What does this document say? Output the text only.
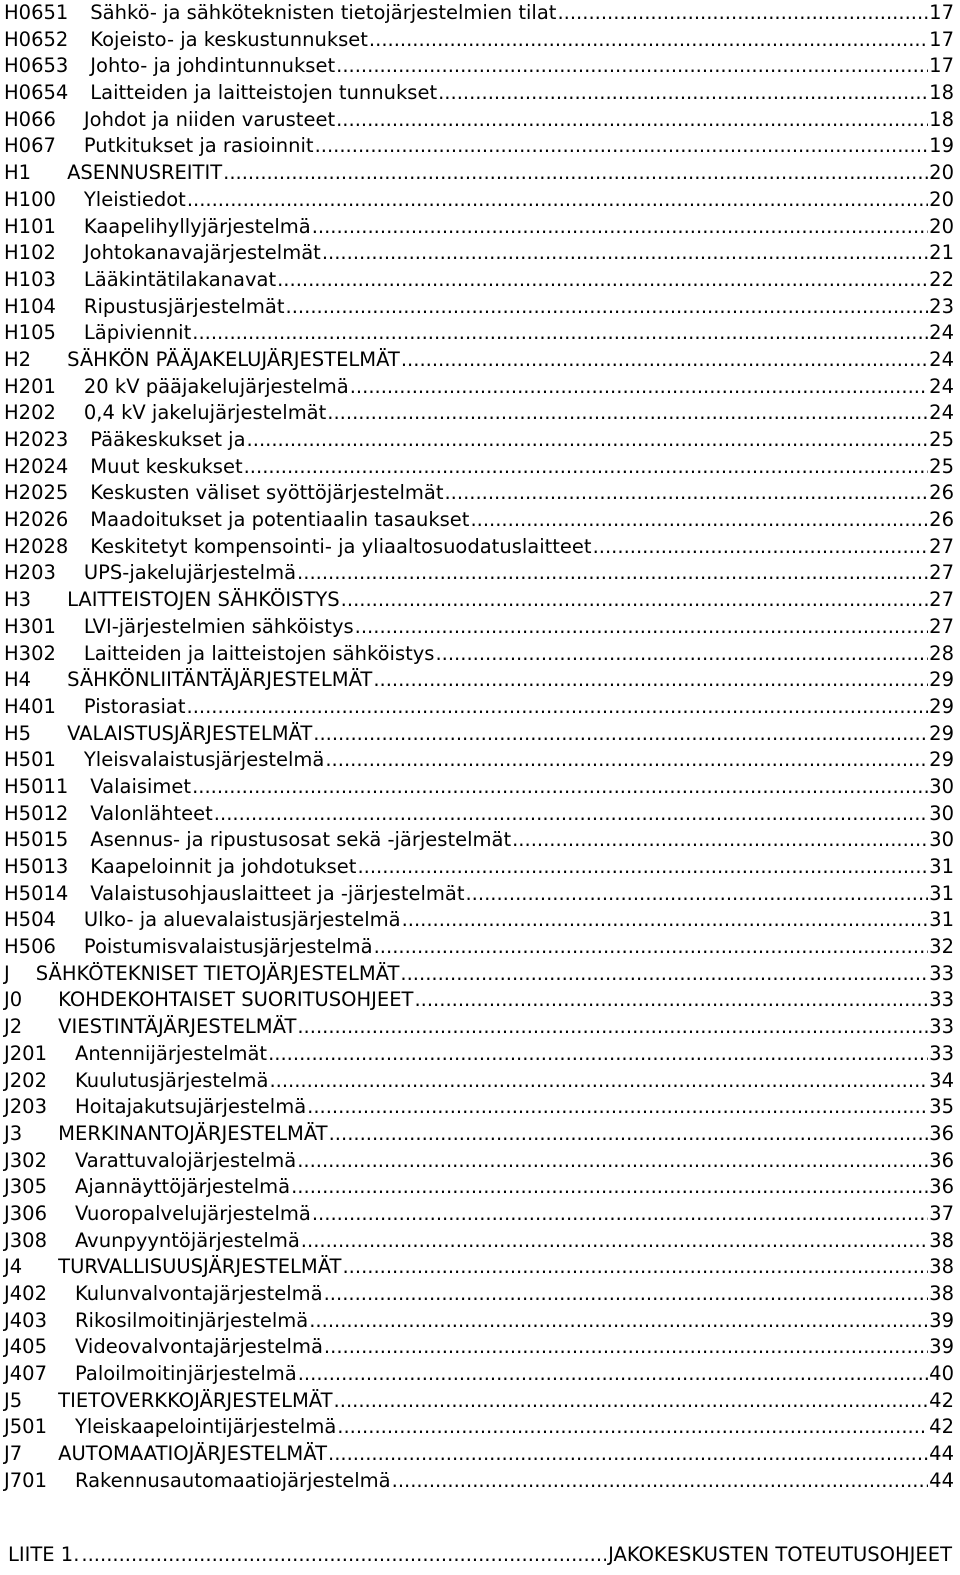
H0651 Sähkö- ja sähköteknisten tietojärjestelmien tilat .....	17
H0652 Kojeisto- ja keskustunnukset .....	17
H0653 Johto- ja johdintunnukset .....	17
H0654 Laitteiden ja laitteistojen tunnukset .....	18
H066 Johdot ja niiden varusteet .....	18
H067 Putkitukset ja rasioinnit .....	19
H1 ASENNUSREITIT .....	20
H100 Yleistiedot .....	20
H101 Kaapelihyllyjärjestelmä .....	20
H102 Johtokanavajärjestelmät .....	21
H103 Lääkintätilakanavat .....	22
H104 Ripustusjärjestelmät .....	23
H105 Läpiviennit .....	24
H2 SÄHKÖN PÄÄJAKELUJÄRJESTELMÄT .....	24
H201 20 kV pääjakelujärjestelmä .....	24
H202 0,4 kV jakelujärjestelmät .....	24
H2023 Pääkeskukset ja .....	25
H2024 Muut keskukset .....	25
H2025 Keskusten väliset syöttöjärjestelmät .....	26
H2026 Maadoitukset ja potentiaalin tasaukset .....	26
H2028 Keskitetyt kompensointi- ja yliaaltosuodatuslaitteet .....	27
H203 UPS-jakelujärjestelmä .....	27
H3 LAITTEISTOJEN SÄHKÖISTYS .....	27
H301 LVI-järjestelmien sähköistys .....	27
H302 Laitteiden ja laitteistojen sähköistys .....	28
H4 SÄHKÖNLIITÄNTÄJÄRJESTELMÄT .....	29
H401 Pistorasiat .....	29
H5 VALAISTUSJÄRJESTELMÄT .....	29
H501 Yleisvalaistusjärjestelmä .....	29
H5011 Valaisimet .....	30
H5012 Valonlähteet .....	30
H5015 Asennus- ja ripustusosat sekä -järjestelmät .....	30
H5013 Kaapeloinnit ja johdotukset .....	31
H5014 Valaistusohjauslaitteet ja -järjestelmät .....	31
H504 Ulko- ja aluevalaistusjärjestelmä .....	31
H506 Poistumisvalaistusjärjestelmä .....	32
J SÄHKÖTEKNISET TIETOJÄRJESTELMÄT .....	33
J0 KOHDEKOHTAISET SUORITUSOHJEET .....	33
J2 VIESTINTÄJÄRJESTELMÄT .....	33
J201 Antennijärjestelmät .....	33
J202 Kuulutusjärjestelmä .....	34
J203 Hoitajakutsujärjestelmä .....	35
J3 MERKINANTOJÄRJESTELMÄT .....	36
J302 Varattuvalojärjestelmä .....	36
J305 Ajannäyttöjärjestelmä .....	36
J306 Vuoropalvelujärjestelmä .....	37
J308 Avunpyyntöjärjestelmä .....	38
J4 TURVALLISUUSJÄRJESTELMÄT .....	38
J402 Kulunvalvontajärjestelmä .....	38
J403 Rikosilmoitinjärjestelmä .....	39
J405 Videovalvontajärjestelmä .....	39
J407 Paloilmoitinjärjestelmä .....	40
J5 TIETOVERKKOJÄRJESTELMÄT .....	42
J501 Yleiskaapelointijärjestelmä .....	42
J7 AUTOMAATIOJÄRJESTELMÄT .....	44
J701 Rakennusautomaatiojärjestelmä .....	44
LIITE 1. .....	JAKOKESKUSTEN TOTEUTUSOHJEET
